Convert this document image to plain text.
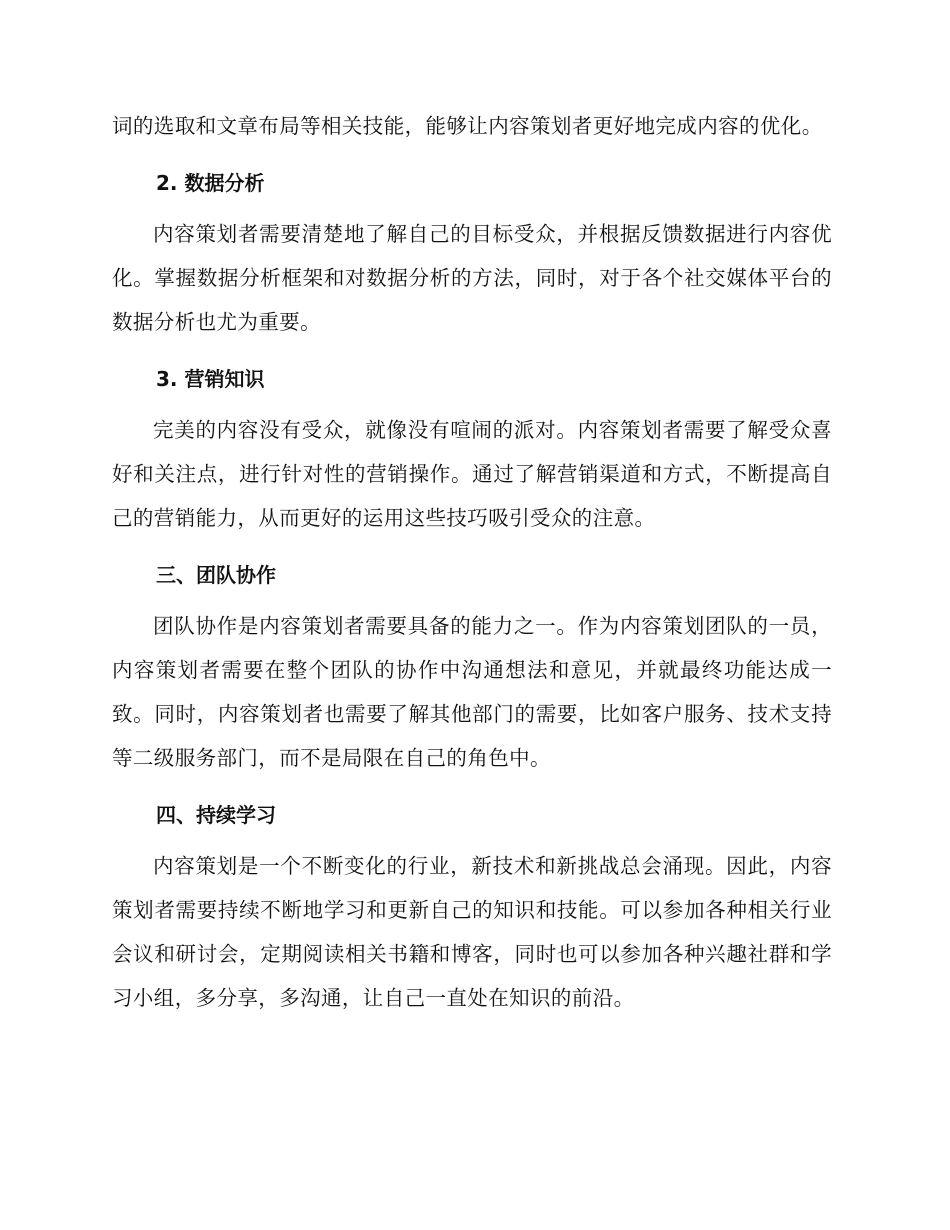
词的选取和文章布局等相关技能，能够让内容策划者更好地完成内容的优化。

2. 数据分析

内容策划者需要清楚地了解自己的目标受众，并根据反馈数据进行内容优化。掌握数据分析框架和对数据分析的方法，同时，对于各个社交媒体平台的数据分析也尤为重要。

3. 营销知识

完美的内容没有受众，就像没有喧闹的派对。内容策划者需要了解受众喜好和关注点，进行针对性的营销操作。通过了解营销渠道和方式，不断提高自己的营销能力，从而更好的运用这些技巧吸引受众的注意。

三、团队协作

团队协作是内容策划者需要具备的能力之一。作为内容策划团队的一员，内容策划者需要在整个团队的协作中沟通想法和意见，并就最终功能达成一致。同时，内容策划者也需要了解其他部门的需要，比如客户服务、技术支持等二级服务部门，而不是局限在自己的角色中。

四、持续学习

内容策划是一个不断变化的行业，新技术和新挑战总会涌现。因此，内容策划者需要持续不断地学习和更新自己的知识和技能。可以参加各种相关行业会议和研讨会，定期阅读相关书籍和博客，同时也可以参加各种兴趣社群和学习小组，多分享，多沟通，让自己一直处在知识的前沿。
